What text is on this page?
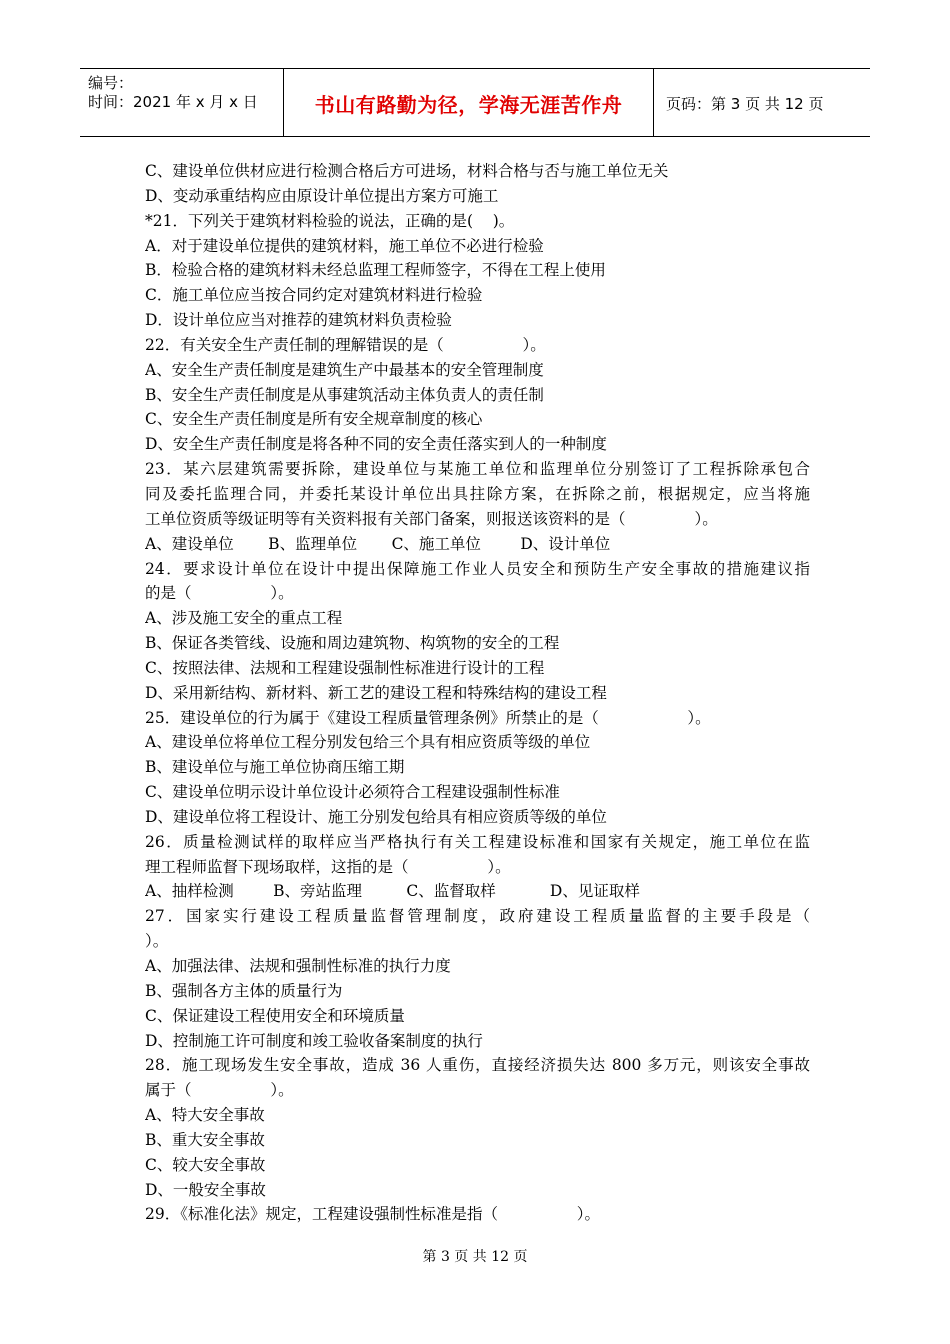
编号：
时间：2021 年 x 月 x 日	书山有路勤为径，学海无涯苦作舟	页码：第 3 页 共 12 页
C、建设单位供材应进行检测合格后方可进场，材料合格与否与施工单位无关
D、变动承重结构应由原设计单位提出方案方可施工
*21．下列关于建筑材料检验的说法，正确的是(    )。
A．对于建设单位提供的建筑材料，施工单位不必进行检验
B．检验合格的建筑材料未经总监理工程师签字，不得在工程上使用
C．施工单位应当按合同约定对建筑材料进行检验
D．设计单位应当对推荐的建筑材料负责检验
22．有关安全生产责任制的理解错误的是（                ）。
A、安全生产责任制度是建筑生产中最基本的安全管理制度
B、安全生产责任制度是从事建筑活动主体负责人的责任制
C、安全生产责任制度是所有安全规章制度的核心
D、安全生产责任制度是将各种不同的安全责任落实到人的一种制度
23．某六层建筑需要拆除，建设单位与某施工单位和监理单位分别签订了工程拆除承包合
同及委托监理合同，并委托某设计单位出具拄除方案，在拆除之前，根据规定，应当将施
工单位资质等级证明等有关资料报有关部门备案，则报送该资料的是（              ）。
A、建设单位       B、监理单位       C、施工单位        D、设计单位
24．要求设计单位在设计中提出保障施工作业人员安全和预防生产安全事故的措施建议指
的是（                ）。
A、涉及施工安全的重点工程
B、保证各类管线、设施和周边建筑物、构筑物的安全的工程
C、按照法律、法规和工程建设强制性标准进行设计的工程
D、采用新结构、新材料、新工艺的建设工程和特殊结构的建设工程
25．建设单位的行为属于《建设工程质量管理条例》所禁止的是（                  ）。
A、建设单位将单位工程分别发包给三个具有相应资质等级的单位
B、建设单位与施工单位协商压缩工期
C、建设单位明示设计单位设计必须符合工程建设强制性标准
D、建设单位将工程设计、施工分别发包给具有相应资质等级的单位
26．质量检测试样的取样应当严格执行有关工程建设标准和国家有关规定，施工单位在监
理工程师监督下现场取样，这指的是（                ）。
A、抽样检测        B、旁站监理         C、监督取样           D、见证取样
27．国家实行建设工程质量监督管理制度，政府建设工程质量监督的主要手段是（
）。
A、加强法律、法规和强制性标准的执行力度
B、强制各方主体的质量行为
C、保证建设工程使用安全和环境质量
D、控制施工许可制度和竣工验收备案制度的执行
28．施工现场发生安全事故，造成 36 人重伤，直接经济损失达 800 多万元，则该安全事故
属于（                ）。
A、特大安全事故
B、重大安全事故
C、较大安全事故
D、一般安全事故
29．《标准化法》规定，工程建设强制性标准是指（                ）。
第 3 页 共 12 页
